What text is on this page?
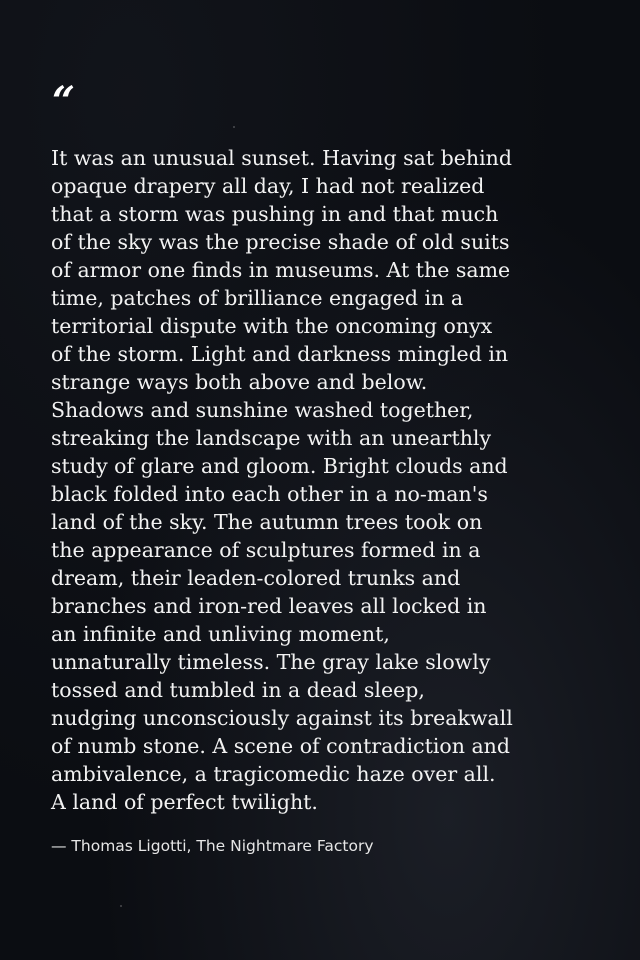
“

It was an unusual sunset. Having sat behind
opaque drapery all day, I had not realized
that a storm was pushing in and that much
of the sky was the precise shade of old suits
of armor one finds in museums. At the same
time, patches of brilliance engaged in a
territorial dispute with the oncoming onyx
of the storm. Light and darkness mingled in
strange ways both above and below.
Shadows and sunshine washed together,
streaking the landscape with an unearthly
study of glare and gloom. Bright clouds and
black folded into each other in a no-man's
land of the sky. The autumn trees took on
the appearance of sculptures formed in a
dream, their leaden-colored trunks and
branches and iron-red leaves all locked in
an infinite and unliving moment,
unnaturally timeless. The gray lake slowly
tossed and tumbled in a dead sleep,
nudging unconsciously against its breakwall
of numb stone. A scene of contradiction and
ambivalence, a tragicomedic haze over all.
A land of perfect twilight.

— Thomas Ligotti, The Nightmare Factory
